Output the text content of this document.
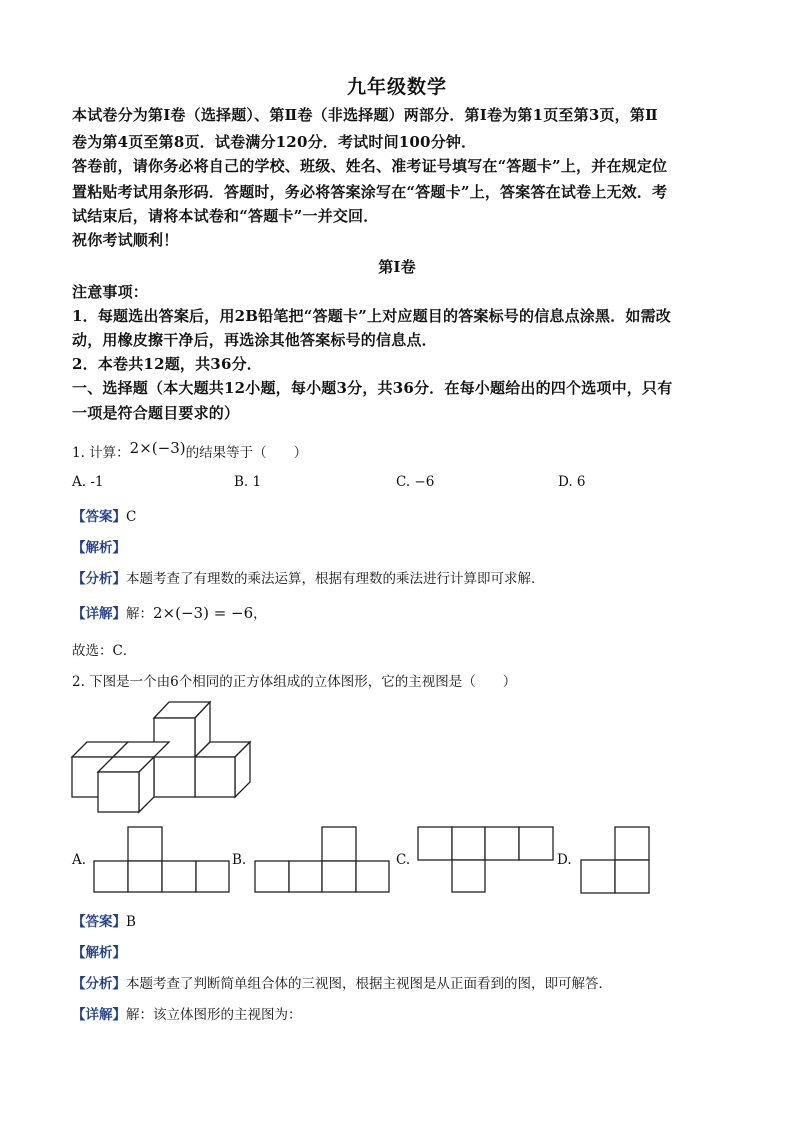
九年级数学
本试卷分为第Ⅰ卷（选择题）、第Ⅱ卷（非选择题）两部分．第Ⅰ卷为第1页至第3页，第Ⅱ
卷为第4页至第8页．试卷满分120分．考试时间100分钟．
答卷前，请你务必将自己的学校、班级、姓名、准考证号填写在“答题卡”上，并在规定位
置粘贴考试用条形码．答题时，务必将答案涂写在“答题卡”上，答案答在试卷上无效．考
试结束后，请将本试卷和“答题卡”一并交回．
祝你考试顺利！
第Ⅰ卷
注意事项：
1．每题选出答案后，用2B铅笔把“答题卡”上对应题目的答案标号的信息点涂黑．如需改
动，用橡皮擦干净后，再选涂其他答案标号的信息点．
2．本卷共12题，共36分．
一、选择题（本大题共12小题，每小题3分，共36分．在每小题给出的四个选项中，只有
一项是符合题目要求的）
1. 计算：2×(−3)的结果等于（　　）
A. -1	B. 1	C. −6	D. 6
【答案】C
【解析】
【分析】本题考查了有理数的乘法运算，根据有理数的乘法进行计算即可求解．
【详解】解：2×(−3) = −6，
故选：C．
2. 下图是一个由6个相同的正方体组成的立体图形，它的主视图是（　　）
A.	B.	C.	D.
【答案】B
【解析】
【分析】本题考查了判断简单组合体的三视图，根据主视图是从正面看到的图，即可解答．
【详解】解：该立体图形的主视图为：
